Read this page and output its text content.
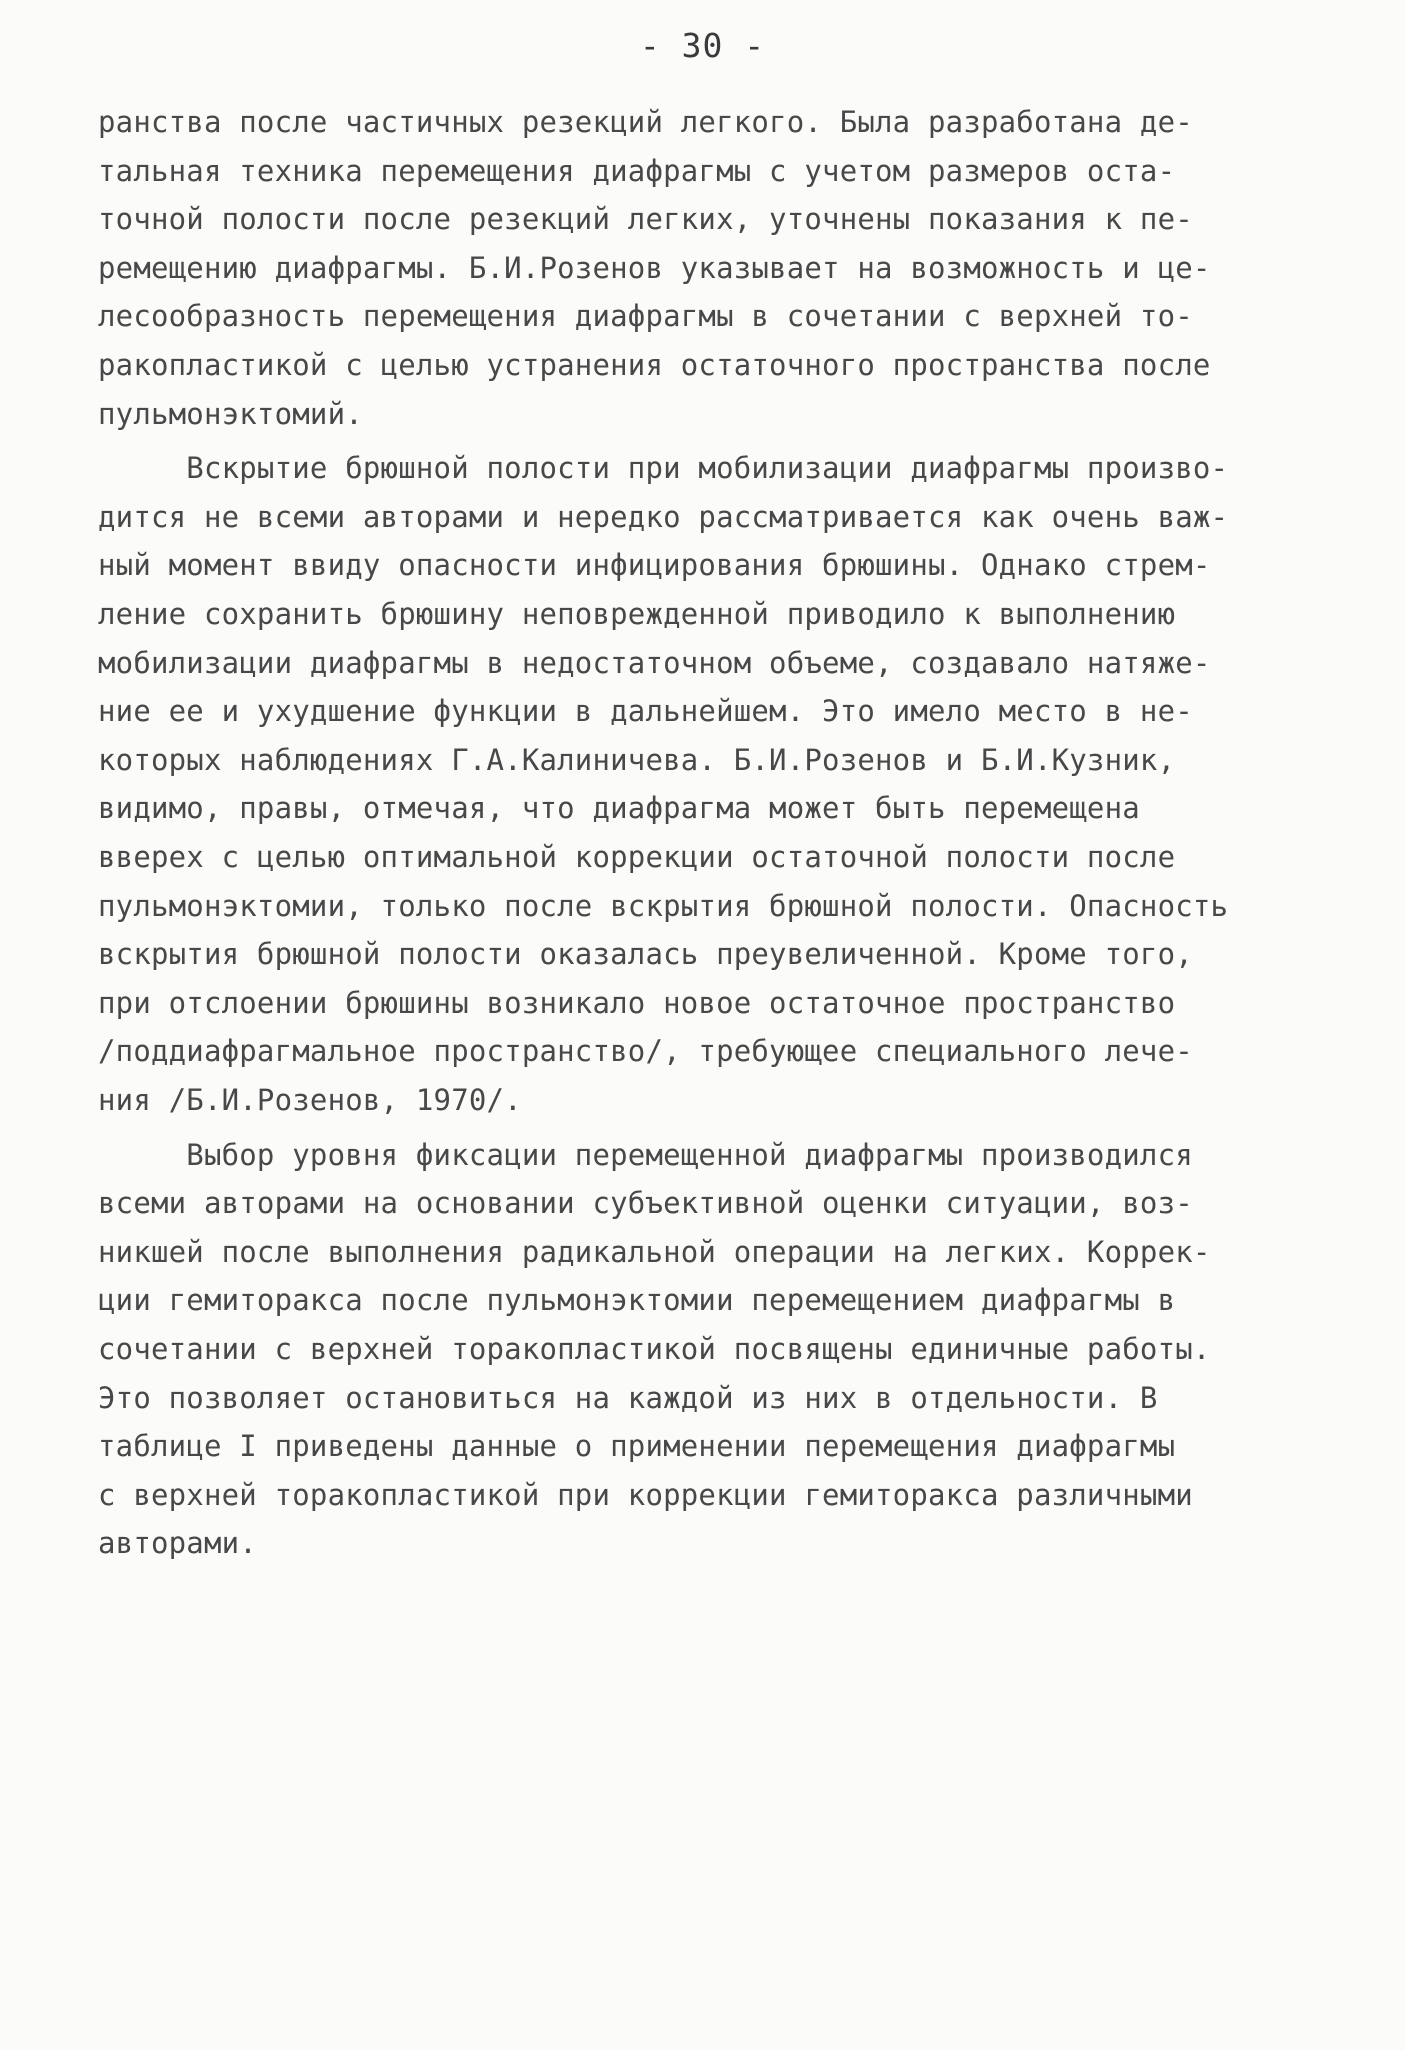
- 30 -
ранства после частичных резекций легкого. Была разработана де-
тальная техника перемещения диафрагмы с учетом размеров оста-
точной полости после резекций легких, уточнены показания к пе-
ремещению диафрагмы. Б.И.Розенов указывает на возможность и це-
лесообразность перемещения диафрагмы в сочетании с верхней то-
ракопластикой с целью устранения остаточного пространства после
пульмонэктомий.
Вскрытие брюшной полости при мобилизации диафрагмы произво-
дится не всеми авторами и нередко рассматривается как очень важ-
ный момент ввиду опасности инфицирования брюшины. Однако стрем-
ление сохранить брюшину неповрежденной приводило к выполнению
мобилизации диафрагмы в недостаточном объеме, создавало натяже-
ние ее и ухудшение функции в дальнейшем. Это имело место в не-
которых наблюдениях Г.А.Калиничева. Б.И.Розенов и Б.И.Кузник,
видимо, правы, отмечая, что диафрагма может быть перемещена
вверех с целью оптимальной коррекции остаточной полости после
пульмонэктомии, только после вскрытия брюшной полости. Опасность
вскрытия брюшной полости оказалась преувеличенной. Кроме того,
при отслоении брюшины возникало новое остаточное пространство
/поддиафрагмальное пространство/, требующее специального лече-
ния /Б.И.Розенов, 1970/.
Выбор уровня фиксации перемещенной диафрагмы производился
всеми авторами на основании субъективной оценки ситуации, воз-
никшей после выполнения радикальной операции на легких. Коррек-
ции гемиторакса после пульмонэктомии перемещением диафрагмы в
сочетании с верхней торакопластикой посвящены единичные работы.
Это позволяет остановиться на каждой из них в отдельности. В
таблице I приведены данные о применении перемещения диафрагмы
с верхней торакопластикой при коррекции гемиторакса различными
авторами.
